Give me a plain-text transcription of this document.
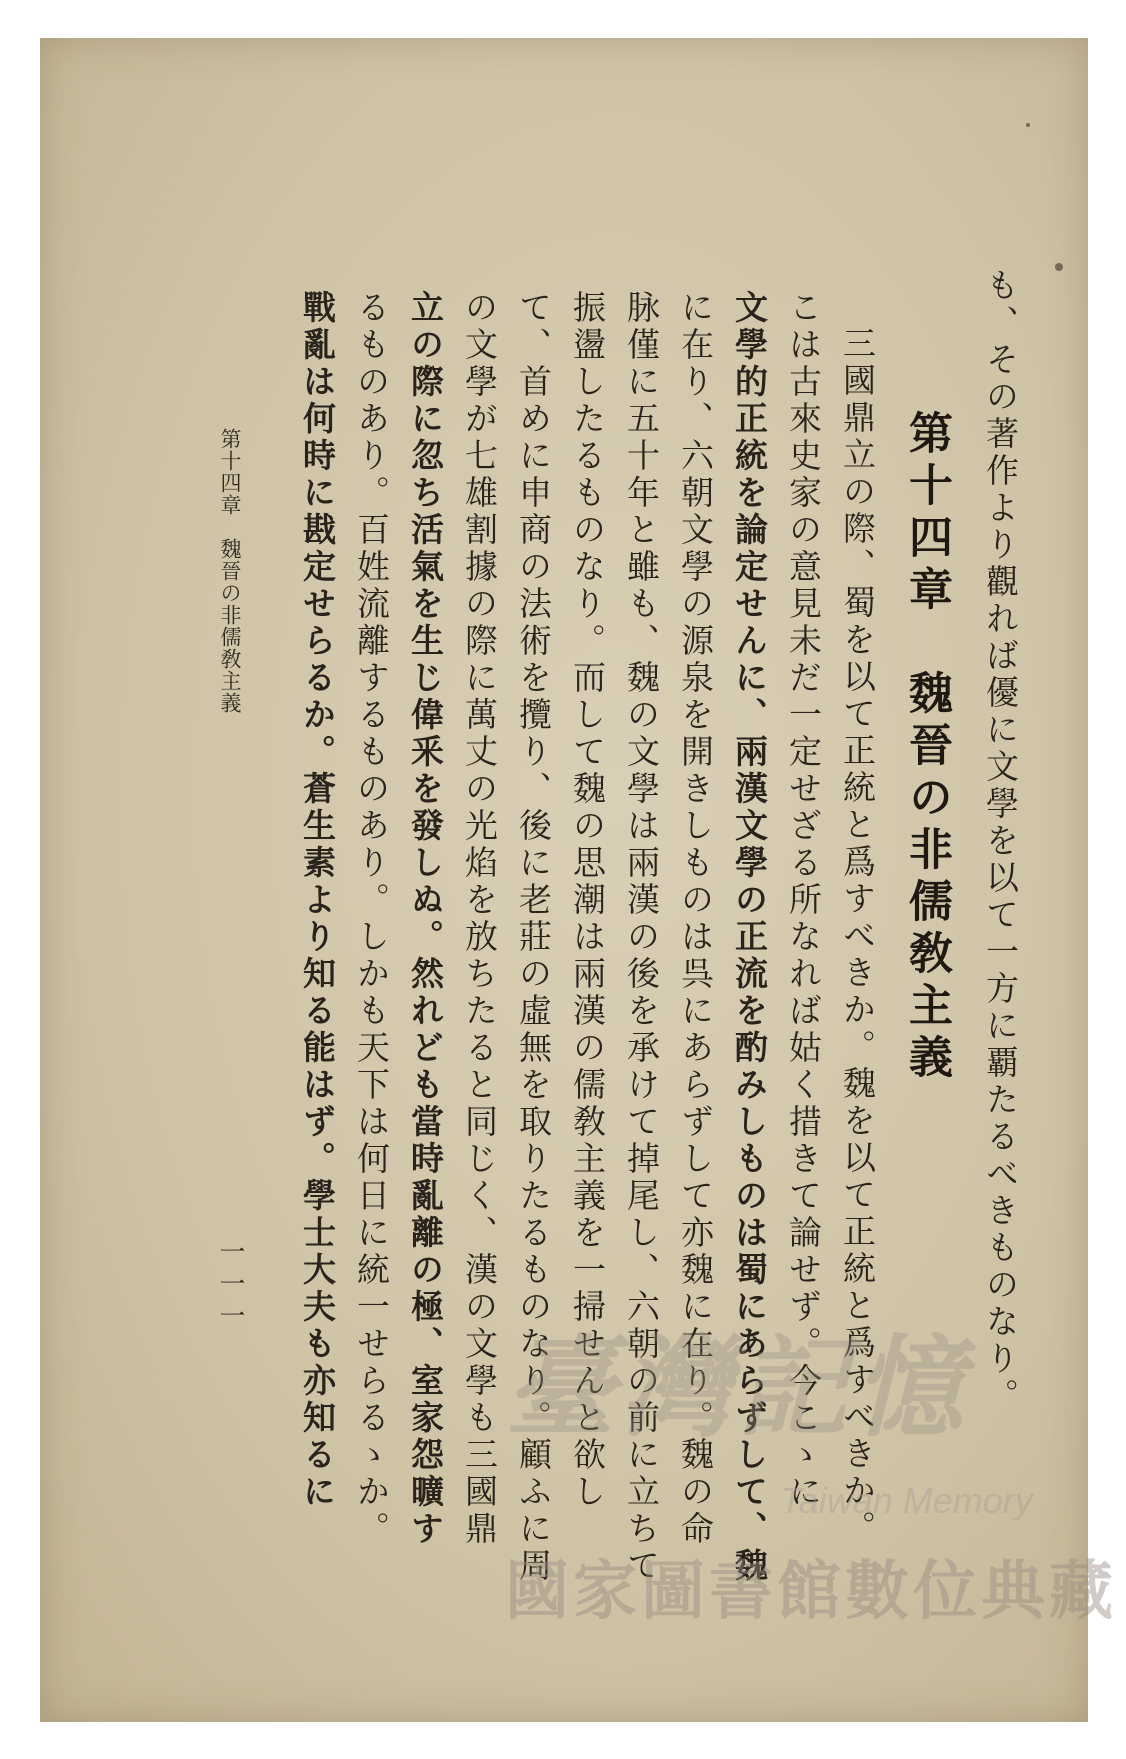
も、その著作より觀れば優に文學を以て一方に覇たるべきものなり。
第十四章　魏晉の非儒敎主義
三國鼎立の際、蜀を以て正統と爲すべきか。魏を以て正統と爲すべきか。
こは古來史家の意見未だ一定せざる所なれば姑く措きて論せず。今こゝに
文學的正統を論定せんに、兩漢文學の正流を酌みしものは蜀にあらずして、魏
に在り、六朝文學の源泉を開きしものは呉にあらずして亦魏に在り。魏の命
脉僅に五十年と雖も、魏の文學は兩漢の後を承けて掉尾し、六朝の前に立ちて
振盪したるものなり。而して魏の思潮は兩漢の儒敎主義を一掃せんと欲し
て、首めに申商の法術を攬り、後に老莊の虛無を取りたるものなり。顧ふに周
の文學が七雄割據の際に萬丈の光焰を放ちたると同じく、漢の文學も三國鼎
立の際に忽ち活氣を生じ偉釆を發しぬ。然れども當時亂離の極、室家怨曠す
るものあり。百姓流離するものあり。しかも天下は何日に統一せらるゝか。
戰亂は何時に戡定せらるか。蒼生素より知る能はず。學士大夫も亦知るに
第十四章　魏晉の非儒敎主義
一一一
臺灣記憶
Taiwan Memory
國家圖書館數位典藏
